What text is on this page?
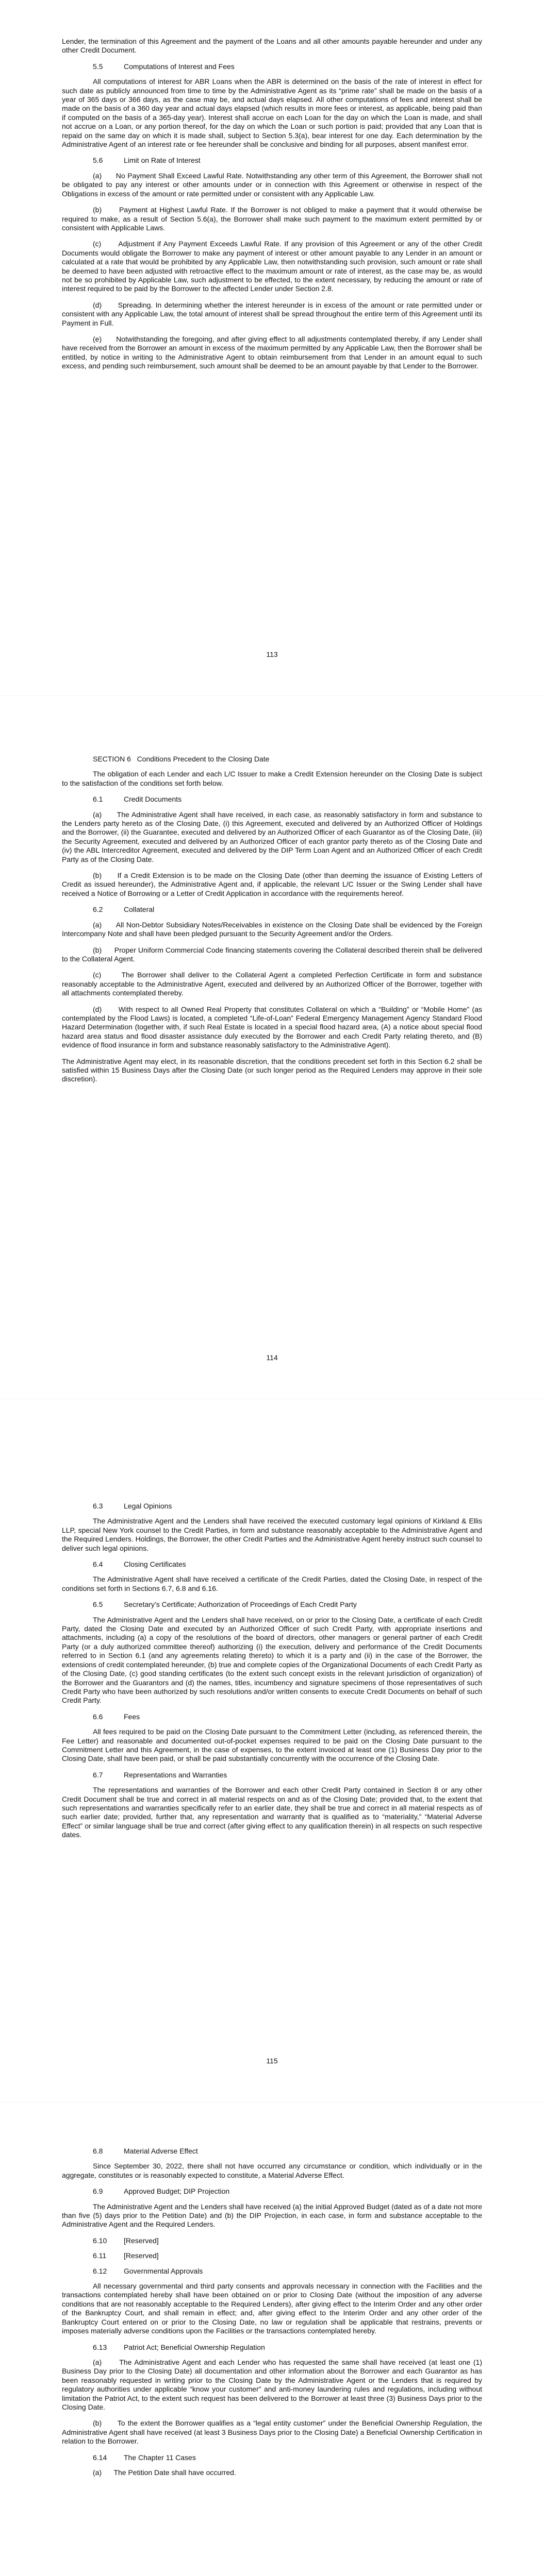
Lender, the termination of this Agreement and the payment of the Loans and all other amounts payable hereunder and under any other Credit Document.

5.5	Computations of Interest and Fees

All computations of interest for ABR Loans when the ABR is determined on the basis of the rate of interest in effect for such date as publicly announced from time to time by the Administrative Agent as its “prime rate” shall be made on the basis of a year of 365 days or 366 days, as the case may be, and actual days elapsed. All other computations of fees and interest shall be made on the basis of a 360 day year and actual days elapsed (which results in more fees or interest, as applicable, being paid than if computed on the basis of a 365-day year). Interest shall accrue on each Loan for the day on which the Loan is made, and shall not accrue on a Loan, or any portion thereof, for the day on which the Loan or such portion is paid; provided that any Loan that is repaid on the same day on which it is made shall, subject to Section 5.3(a), bear interest for one day. Each determination by the Administrative Agent of an interest rate or fee hereunder shall be conclusive and binding for all purposes, absent manifest error.

5.6	Limit on Rate of Interest

(a)      No Payment Shall Exceed Lawful Rate. Notwithstanding any other term of this Agreement, the Borrower shall not be obligated to pay any interest or other amounts under or in connection with this Agreement or otherwise in respect of the Obligations in excess of the amount or rate permitted under or consistent with any Applicable Law.

(b)      Payment at Highest Lawful Rate. If the Borrower is not obliged to make a payment that it would otherwise be required to make, as a result of Section 5.6(a), the Borrower shall make such payment to the maximum extent permitted by or consistent with Applicable Laws.

(c)      Adjustment if Any Payment Exceeds Lawful Rate. If any provision of this Agreement or any of the other Credit Documents would obligate the Borrower to make any payment of interest or other amount payable to any Lender in an amount or calculated at a rate that would be prohibited by any Applicable Law, then notwithstanding such provision, such amount or rate shall be deemed to have been adjusted with retroactive effect to the maximum amount or rate of interest, as the case may be, as would not be so prohibited by Applicable Law, such adjustment to be effected, to the extent necessary, by reducing the amount or rate of interest required to be paid by the Borrower to the affected Lender under Section 2.8.

(d)      Spreading. In determining whether the interest hereunder is in excess of the amount or rate permitted under or consistent with any Applicable Law, the total amount of interest shall be spread throughout the entire term of this Agreement until its Payment in Full.

(e)      Notwithstanding the foregoing, and after giving effect to all adjustments contemplated thereby, if any Lender shall have received from the Borrower an amount in excess of the maximum permitted by any Applicable Law, then the Borrower shall be entitled, by notice in writing to the Administrative Agent to obtain reimbursement from that Lender in an amount equal to such excess, and pending such reimbursement, such amount shall be deemed to be an amount payable by that Lender to the Borrower.

113
SECTION 6   Conditions Precedent to the Closing Date

The obligation of each Lender and each L/C Issuer to make a Credit Extension hereunder on the Closing Date is subject to the satisfaction of the conditions set forth below.

6.1	Credit Documents

(a)      The Administrative Agent shall have received, in each case, as reasonably satisfactory in form and substance to the Lenders party hereto as of the Closing Date, (i) this Agreement, executed and delivered by an Authorized Officer of Holdings and the Borrower, (ii) the Guarantee, executed and delivered by an Authorized Officer of each Guarantor as of the Closing Date, (iii) the Security Agreement, executed and delivered by an Authorized Officer of each grantor party thereto as of the Closing Date and (iv) the ABL Intercreditor Agreement, executed and delivered by the DIP Term Loan Agent and an Authorized Officer of each Credit Party as of the Closing Date.

(b)      If a Credit Extension is to be made on the Closing Date (other than deeming the issuance of Existing Letters of Credit as issued hereunder), the Administrative Agent and, if applicable, the relevant L/C Issuer or the Swing Lender shall have received a Notice of Borrowing or a Letter of Credit Application in accordance with the requirements hereof.

6.2	Collateral

(a)      All Non-Debtor Subsidiary Notes/Receivables in existence on the Closing Date shall be evidenced by the Foreign Intercompany Note and shall have been pledged pursuant to the Security Agreement and/or the Orders.

(b)      Proper Uniform Commercial Code financing statements covering the Collateral described therein shall be delivered to the Collateral Agent.

(c)      The Borrower shall deliver to the Collateral Agent a completed Perfection Certificate in form and substance reasonably acceptable to the Administrative Agent, executed and delivered by an Authorized Officer of the Borrower, together with all attachments contemplated thereby.

(d)      With respect to all Owned Real Property that constitutes Collateral on which a “Building” or “Mobile Home” (as contemplated by the Flood Laws) is located, a completed “Life-of-Loan” Federal Emergency Management Agency Standard Flood Hazard Determination (together with, if such Real Estate is located in a special flood hazard area, (A) a notice about special flood hazard area status and flood disaster assistance duly executed by the Borrower and each Credit Party relating thereto, and (B) evidence of flood insurance in form and substance reasonably satisfactory to the Administrative Agent).

The Administrative Agent may elect, in its reasonable discretion, that the conditions precedent set forth in this Section 6.2 shall be satisfied within 15 Business Days after the Closing Date (or such longer period as the Required Lenders may approve in their sole discretion).

114
6.3	Legal Opinions

The Administrative Agent and the Lenders shall have received the executed customary legal opinions of Kirkland & Ellis LLP, special New York counsel to the Credit Parties, in form and substance reasonably acceptable to the Administrative Agent and the Required Lenders. Holdings, the Borrower, the other Credit Parties and the Administrative Agent hereby instruct such counsel to deliver such legal opinions.

6.4	Closing Certificates

The Administrative Agent shall have received a certificate of the Credit Parties, dated the Closing Date, in respect of the conditions set forth in Sections 6.7, 6.8 and 6.16.

6.5	Secretary’s Certificate; Authorization of Proceedings of Each Credit Party

The Administrative Agent and the Lenders shall have received, on or prior to the Closing Date, a certificate of each Credit Party, dated the Closing Date and executed by an Authorized Officer of such Credit Party, with appropriate insertions and attachments, including (a) a copy of the resolutions of the board of directors, other managers or general partner of each Credit Party (or a duly authorized committee thereof) authorizing (i) the execution, delivery and performance of the Credit Documents referred to in Section 6.1 (and any agreements relating thereto) to which it is a party and (ii) in the case of the Borrower, the extensions of credit contemplated hereunder, (b) true and complete copies of the Organizational Documents of each Credit Party as of the Closing Date, (c) good standing certificates (to the extent such concept exists in the relevant jurisdiction of organization) of the Borrower and the Guarantors and (d) the names, titles, incumbency and signature specimens of those representatives of such Credit Party who have been authorized by such resolutions and/or written consents to execute Credit Documents on behalf of such Credit Party.

6.6	Fees

All fees required to be paid on the Closing Date pursuant to the Commitment Letter (including, as referenced therein, the Fee Letter) and reasonable and documented out-of-pocket expenses required to be paid on the Closing Date pursuant to the Commitment Letter and this Agreement, in the case of expenses, to the extent invoiced at least one (1) Business Day prior to the Closing Date, shall have been paid, or shall be paid substantially concurrently with the occurrence of the Closing Date.

6.7	Representations and Warranties

The representations and warranties of the Borrower and each other Credit Party contained in Section 8 or any other Credit Document shall be true and correct in all material respects on and as of the Closing Date; provided that, to the extent that such representations and warranties specifically refer to an earlier date, they shall be true and correct in all material respects as of such earlier date; provided, further that, any representation and warranty that is qualified as to “materiality,” “Material Adverse Effect” or similar language shall be true and correct (after giving effect to any qualification therein) in all respects on such respective dates.

115
6.8	Material Adverse Effect

Since September 30, 2022, there shall not have occurred any circumstance or condition, which individually or in the aggregate, constitutes or is reasonably expected to constitute, a Material Adverse Effect.

6.9	Approved Budget; DIP Projection

The Administrative Agent and the Lenders shall have received (a) the initial Approved Budget (dated as of a date not more than five (5) days prior to the Petition Date) and (b) the DIP Projection, in each case, in form and substance acceptable to the Administrative Agent and the Required Lenders.

6.10 [Reserved]
6.11 [Reserved]
6.12 Governmental Approvals

All necessary governmental and third party consents and approvals necessary in connection with the Facilities and the transactions contemplated hereby shall have been obtained on or prior to Closing Date (without the imposition of any adverse conditions that are not reasonably acceptable to the Required Lenders), after giving effect to the Interim Order and any other order of the Bankruptcy Court, and shall remain in effect; and, after giving effect to the Interim Order and any other order of the Bankruptcy Court entered on or prior to the Closing Date, no law or regulation shall be applicable that restrains, prevents or imposes materially adverse conditions upon the Facilities or the transactions contemplated hereby.

6.13 Patriot Act; Beneficial Ownership Regulation

(a)      The Administrative Agent and each Lender who has requested the same shall have received (at least one (1) Business Day prior to the Closing Date) all documentation and other information about the Borrower and each Guarantor as has been reasonably requested in writing prior to the Closing Date by the Administrative Agent or the Lenders that is required by regulatory authorities under applicable “know your customer” and anti-money laundering rules and regulations, including without limitation the Patriot Act, to the extent such request has been delivered to the Borrower at least three (3) Business Days prior to the Closing Date.

(b)      To the extent the Borrower qualifies as a “legal entity customer” under the Beneficial Ownership Regulation, the Administrative Agent shall have received (at least 3 Business Days prior to the Closing Date) a Beneficial Ownership Certification in relation to the Borrower.

6.14 The Chapter 11 Cases

(a)      The Petition Date shall have occurred.
